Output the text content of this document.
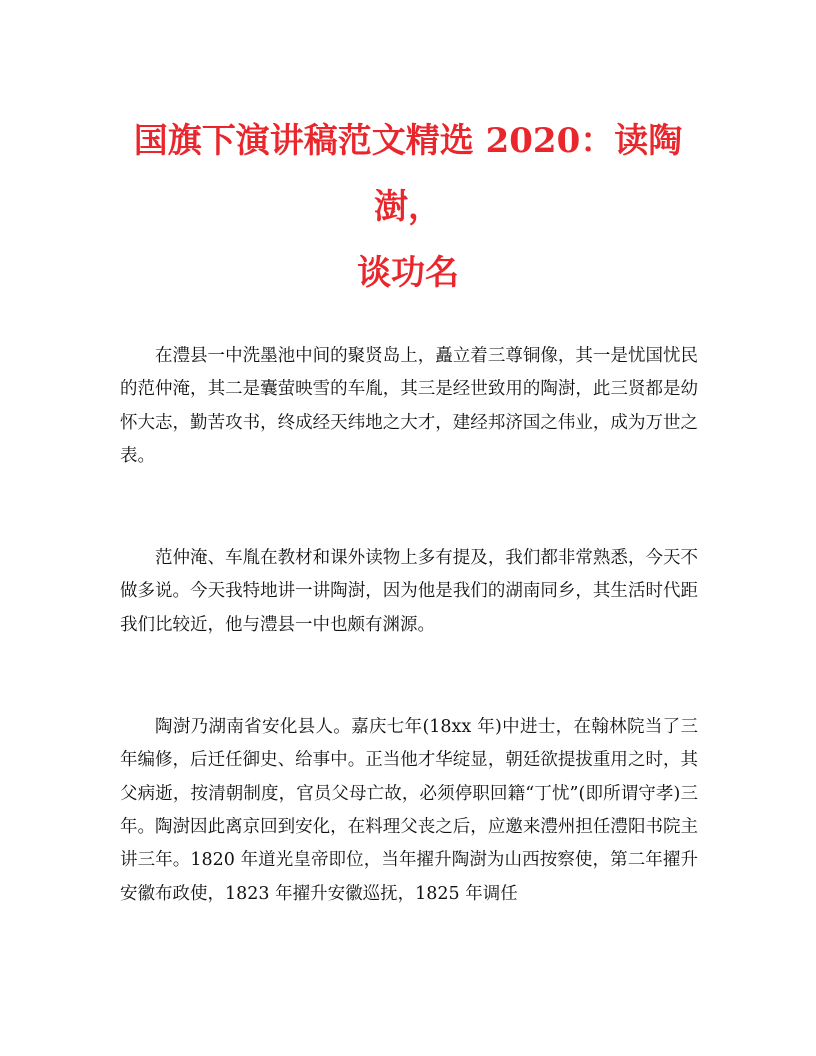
国旗下演讲稿范文精选 2020：读陶澍，
谈功名

在澧县一中洗墨池中间的聚贤岛上，矗立着三尊铜像，其一是忧国忧民的范仲淹，其二是囊萤映雪的车胤，其三是经世致用的陶澍，此三贤都是幼怀大志，勤苦攻书，终成经天纬地之大才，建经邦济国之伟业，成为万世之表。

范仲淹、车胤在教材和课外读物上多有提及，我们都非常熟悉，今天不做多说。今天我特地讲一讲陶澍，因为他是我们的湖南同乡，其生活时代距我们比较近，他与澧县一中也颇有渊源。

陶澍乃湖南省安化县人。嘉庆七年(18xx 年)中进士，在翰林院当了三年编修，后迁任御史、给事中。正当他才华绽显，朝廷欲提拔重用之时，其父病逝，按清朝制度，官员父母亡故，必须停职回籍“丁忧”(即所谓守孝)三年。陶澍因此离京回到安化，在料理父丧之后，应邀来澧州担任澧阳书院主讲三年。1820 年道光皇帝即位，当年擢升陶澍为山西按察使，第二年擢升安徽布政使，1823 年擢升安徽巡抚，1825 年调任
